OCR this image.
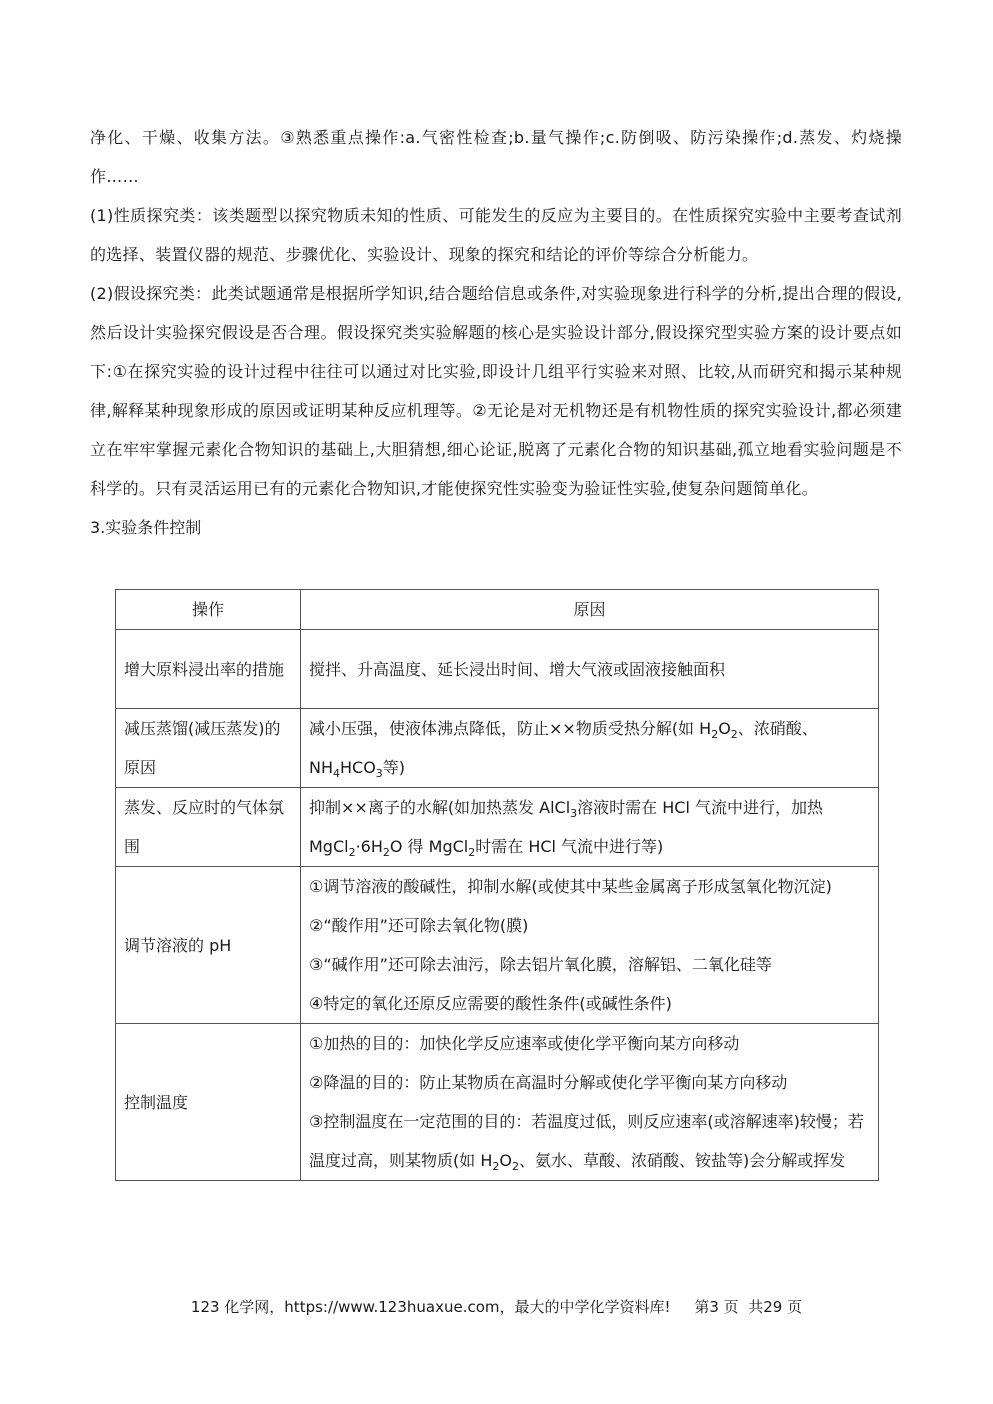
净化、干燥、收集方法。③熟悉重点操作:a.气密性检查;b.量气操作;c.防倒吸、防污染操作;d.蒸发、灼烧操作……

(1)性质探究类：该类题型以探究物质未知的性质、可能发生的反应为主要目的。在性质探究实验中主要考查试剂的选择、装置仪器的规范、步骤优化、实验设计、现象的探究和结论的评价等综合分析能力。

(2)假设探究类：此类试题通常是根据所学知识,结合题给信息或条件,对实验现象进行科学的分析,提出合理的假设,然后设计实验探究假设是否合理。假设探究类实验解题的核心是实验设计部分,假设探究型实验方案的设计要点如下:①在探究实验的设计过程中往往可以通过对比实验,即设计几组平行实验来对照、比较,从而研究和揭示某种规律,解释某种现象形成的原因或证明某种反应机理等。②无论是对无机物还是有机物性质的探究实验设计,都必须建立在牢牢掌握元素化合物知识的基础上,大胆猜想,细心论证,脱离了元素化合物的知识基础,孤立地看实验问题是不科学的。只有灵活运用已有的元素化合物知识,才能使探究性实验变为验证性实验,使复杂问题简单化。

3.实验条件控制

操作	原因
增大原料浸出率的措施	搅拌、升高温度、延长浸出时间、增大气液或固液接触面积
减压蒸馏(减压蒸发)的原因	减小压强，使液体沸点降低，防止××物质受热分解(如 $H_2O_2$、浓硝酸、
$NH_4HCO_3$等)

蒸发、反应时的气体氛围	抑制××离子的水解(如加热蒸发 AlCl$_3$溶液时需在 HCl 气流中进行，加热
$MgCl_2\cdot 6H_2O$ 得 MgCl$_2$时需在 HCl 气流中进行等)

调节溶液的 pH	①调节溶液的酸碱性，抑制水解(或使其中某些金属离子形成氢氧化物沉淀)
②“酸作用”还可除去氧化物(膜)
③“碱作用”还可除去油污，除去铝片氧化膜，溶解铝、二氧化硅等
④特定的氧化还原反应需要的酸性条件(或碱性条件)

控制温度	①加热的目的：加快化学反应速率或使化学平衡向某方向移动
②降温的目的：防止某物质在高温时分解或使化学平衡向某方向移动
③控制温度在一定范围的目的：若温度过低，则反应速率(或溶解速率)较慢；若温度过高，则某物质(如 $H_2O_2$、氨水、草酸、浓硝酸、铵盐等)会分解或挥发
123 化学网，https://www.123huaxue.com，最大的中学化学资料库!     第3 页  共29 页
